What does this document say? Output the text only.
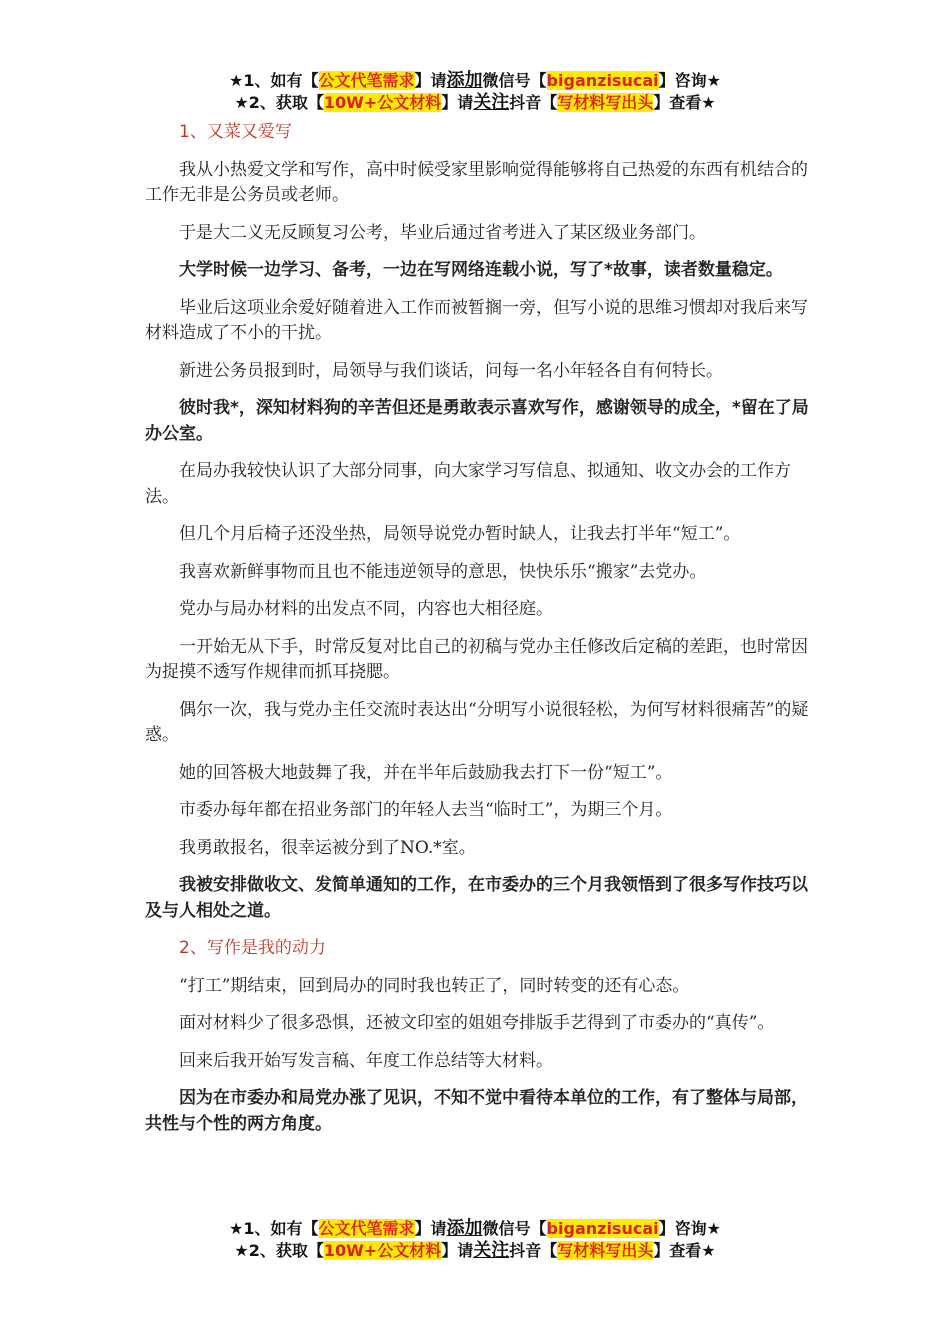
★1、如有【公文代笔需求】请添加微信号【biganzisucai】咨询★
★2、获取【10W+公文材料】请关注抖音【写材料写出头】查看★

1、又菜又爱写

我从小热爱文学和写作，高中时候受家里影响觉得能够将自己热爱的东西有机结合的工作无非是公务员或老师。

于是大二义无反顾复习公考，毕业后通过省考进入了某区级业务部门。

大学时候一边学习、备考，一边在写网络连载小说，写了*故事，读者数量稳定。

毕业后这项业余爱好随着进入工作而被暂搁一旁，但写小说的思维习惯却对我后来写材料造成了不小的干扰。

新进公务员报到时，局领导与我们谈话，问每一名小年轻各自有何特长。

彼时我*，深知材料狗的辛苦但还是勇敢表示喜欢写作，感谢领导的成全，*留在了局办公室。

在局办我较快认识了大部分同事，向大家学习写信息、拟通知、收文办会的工作方法。

但几个月后椅子还没坐热，局领导说党办暂时缺人，让我去打半年“短工”。

我喜欢新鲜事物而且也不能违逆领导的意思，快快乐乐“搬家”去党办。

党办与局办材料的出发点不同，内容也大相径庭。

一开始无从下手，时常反复对比自己的初稿与党办主任修改后定稿的差距，也时常因为捉摸不透写作规律而抓耳挠腮。

偶尔一次，我与党办主任交流时表达出“分明写小说很轻松，为何写材料很痛苦”的疑惑。

她的回答极大地鼓舞了我，并在半年后鼓励我去打下一份“短工”。

市委办每年都在招业务部门的年轻人去当“临时工”，为期三个月。

我勇敢报名，很幸运被分到了NO.*室。

我被安排做收文、发简单通知的工作，在市委办的三个月我领悟到了很多写作技巧以及与人相处之道。

2、写作是我的动力

“打工”期结束，回到局办的同时我也转正了，同时转变的还有心态。

面对材料少了很多恐惧，还被文印室的姐姐夸排版手艺得到了市委办的“真传”。

回来后我开始写发言稿、年度工作总结等大材料。

因为在市委办和局党办涨了见识，不知不觉中看待本单位的工作，有了整体与局部，共性与个性的两方角度。

★1、如有【公文代笔需求】请添加微信号【biganzisucai】咨询★
★2、获取【10W+公文材料】请关注抖音【写材料写出头】查看★
